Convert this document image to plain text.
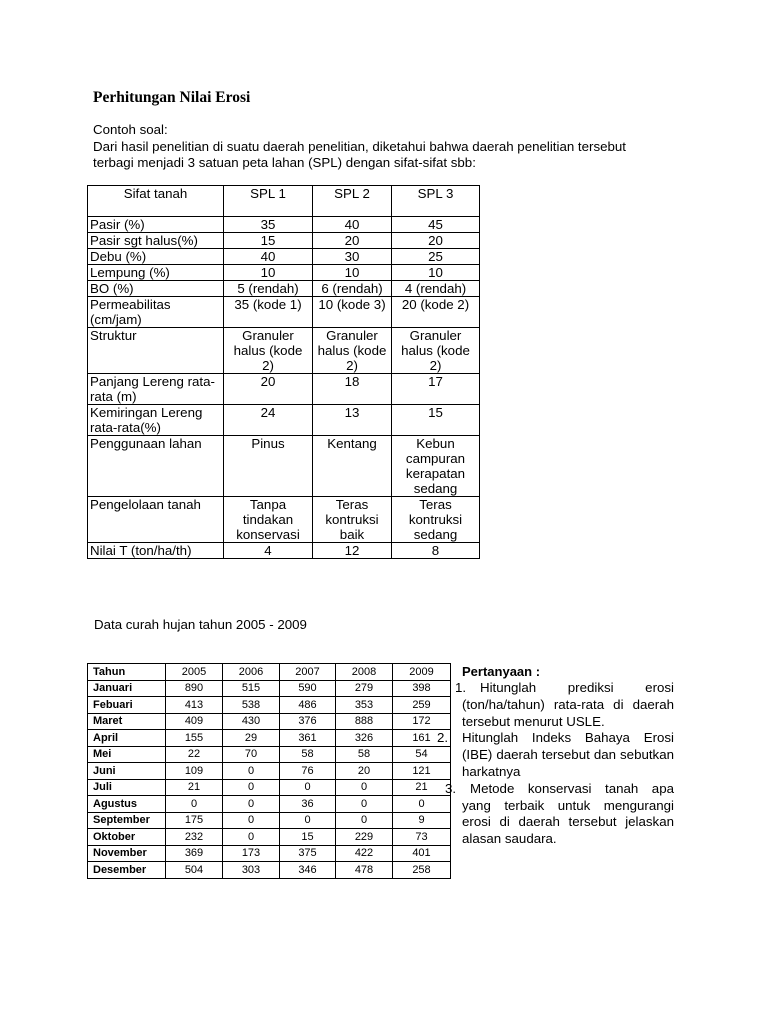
Perhitungan Nilai Erosi
Contoh soal:
Dari hasil penelitian di suatu daerah penelitian, diketahui bahwa daerah penelitian tersebut
terbagi menjadi 3 satuan peta lahan (SPL) dengan sifat-sifat sbb:
Sifat tanah	SPL 1	SPL 2	SPL 3
Pasir (%)	35	40	45
Pasir sgt halus(%)	15	20	20
Debu (%)	40	30	25
Lempung (%)	10	10	10
BO (%)	5 (rendah)	6 (rendah)	4 (rendah)
Permeabilitas (cm/jam)	35 (kode 1)	10 (kode 3)	20 (kode 2)
Struktur	Granuler halus (kode 2)	Granuler halus (kode 2)	Granuler halus (kode 2)
Panjang Lereng rata-rata (m)	20	18	17
Kemiringan Lereng rata-rata(%)	24	13	15
Penggunaan lahan	Pinus	Kentang	Kebun campuran kerapatan sedang
Pengelolaan tanah	Tanpa tindakan konservasi	Teras kontruksi baik	Teras kontruksi sedang
Nilai T (ton/ha/th)	4	12	8

Data curah hujan tahun 2005 - 2009

Tahun	2005	2006	2007	2008	2009
Januari	890	515	590	279	398
Febuari	413	538	486	353	259
Maret	409	430	376	888	172
April	155	29	361	326	161
Mei	22	70	58	58	54
Juni	109	0	76	20	121
Juli	21	0	0	0	21
Agustus	0	0	36	0	0
September	175	0	0	0	9
Oktober	232	0	15	229	73
November	369	173	375	422	401
Desember	504	303	346	478	258

Pertanyaan :

1. Hitunglah prediksi erosi (ton/ha/tahun) rata-rata di daerah tersebut menurut USLE.
2.	Hitunglah Indeks Bahaya Erosi (IBE) daerah tersebut dan sebutkan harkatnya
3. Metode konservasi tanah apa yang terbaik untuk mengurangi erosi di daerah tersebut jelaskan alasan saudara.
